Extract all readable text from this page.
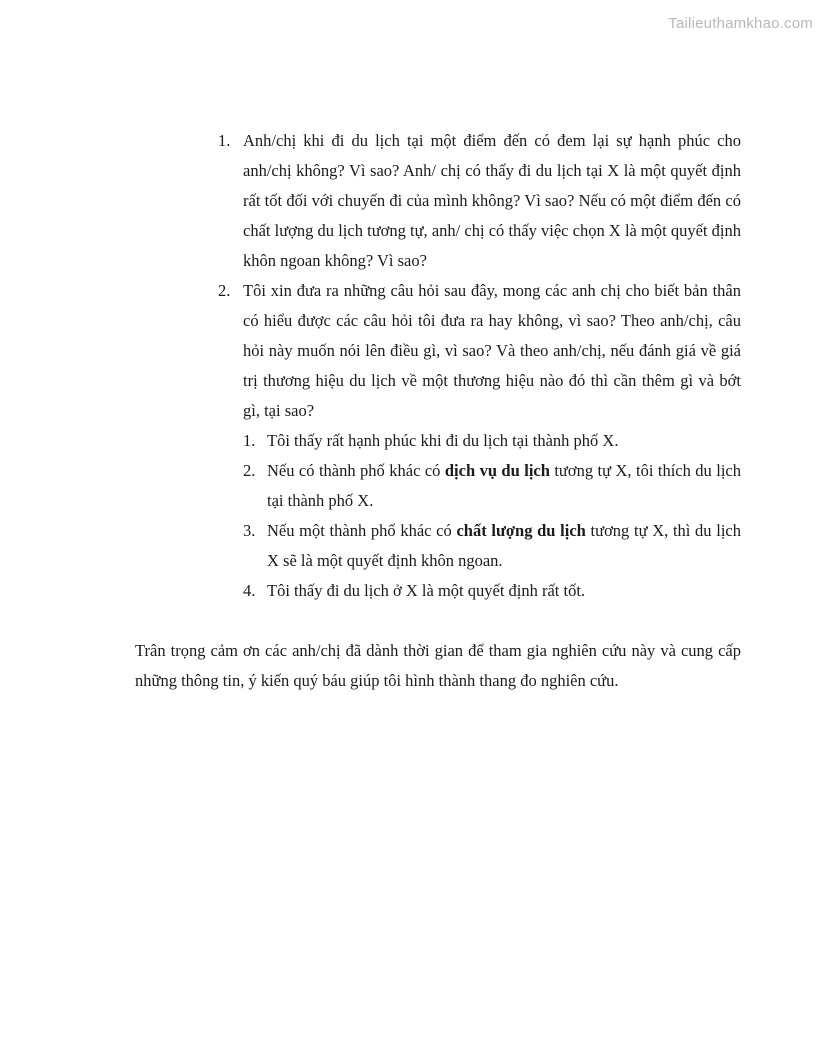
Tailieuthamkhao.com
1. Anh/chị khi đi du lịch tại một điểm đến có đem lại sự hạnh phúc cho anh/chị không? Vì sao? Anh/ chị có thấy đi du lịch tại X là một quyết định rất tốt đối với chuyến đi của mình không? Vì sao? Nếu có một điểm đến có chất lượng du lịch tương tự, anh/ chị có thấy việc chọn X là một quyết định khôn ngoan không? Vì sao?
2. Tôi xin đưa ra những câu hỏi sau đây, mong các anh chị cho biết bản thân có hiểu được các câu hỏi tôi đưa ra hay không, vì sao? Theo anh/chị, câu hỏi này muốn nói lên điều gì, vì sao? Và theo anh/chị, nếu đánh giá về giá trị thương hiệu du lịch về một thương hiệu nào đó thì cần thêm gì và bớt gì, tại sao?
1. Tôi thấy rất hạnh phúc khi đi du lịch tại thành phố X.
2. Nếu có thành phố khác có dịch vụ du lịch tương tự X, tôi thích du lịch tại thành phố X.
3. Nếu một thành phố khác có chất lượng du lịch tương tự X, thì du lịch X sẽ là một quyết định khôn ngoan.
4. Tôi thấy đi du lịch ở X là một quyết định rất tốt.

Trân trọng cảm ơn các anh/chị đã dành thời gian để tham gia nghiên cứu này và cung cấp những thông tin, ý kiến quý báu giúp tôi hình thành thang đo nghiên cứu.
